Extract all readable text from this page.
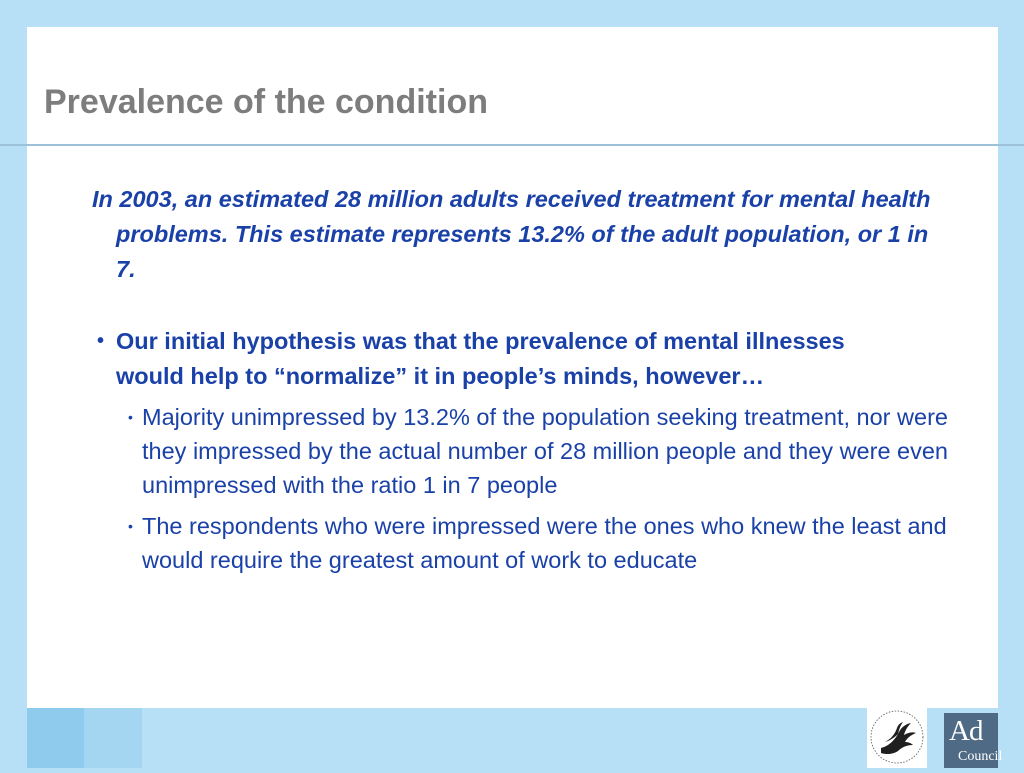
Prevalence of the condition

In 2003, an estimated 28 million adults received treatment for mental health problems. This estimate represents 13.2% of the adult population, or 1 in 7.

• Our initial hypothesis was that the prevalence of mental illnesses would help to “normalize” it in people’s minds, however…
• Majority unimpressed by 13.2% of the population seeking treatment, nor were they impressed by the actual number of 28 million people and they were even unimpressed with the ratio 1 in 7 people
• The respondents who were impressed were the ones who knew the least and would require the greatest amount of work to educate
Ad
Council
